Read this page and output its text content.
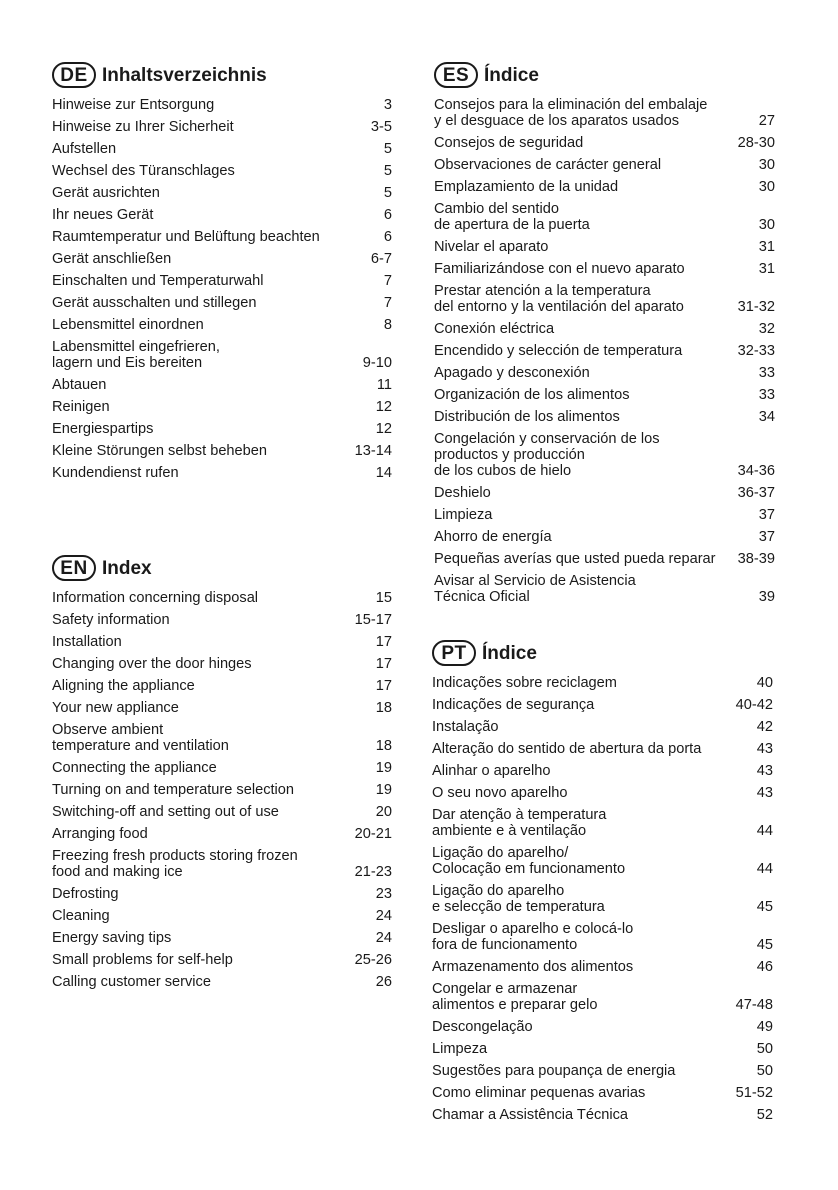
DE Inhaltsverzeichnis
Hinweise zur Entsorgung	3
Hinweise zu Ihrer Sicherheit	3-5
Aufstellen	5
Wechsel des Türanschlages	5
Gerät ausrichten	5
Ihr neues Gerät	6
Raumtemperatur und Belüftung beachten	6
Gerät anschließen	6-7
Einschalten und Temperaturwahl	7
Gerät ausschalten und stillegen	7
Lebensmittel einordnen	8
Labensmittel eingefrieren,
lagern und Eis bereiten	9-10
Abtauen	11
Reinigen	12
Energiespartips	12
Kleine Störungen selbst beheben	13-14
Kundendienst rufen	14
EN Index
Information concerning disposal	15
Safety information	15-17
Installation	17
Changing over the door hinges	17
Aligning the appliance	17
Your new appliance	18
Observe ambient
temperature and ventilation	18
Connecting the appliance	19
Turning on and temperature selection	19
Switching-off and setting out of use	20
Arranging food	20-21
Freezing fresh products storing frozen
food and making ice	21-23
Defrosting	23
Cleaning	24
Energy saving tips	24
Small problems for self-help	25-26
Calling customer service	26
ES Índice
Consejos para la eliminación del embalaje
y el desguace de los aparatos usados	27
Consejos de seguridad	28-30
Observaciones de carácter general	30
Emplazamiento de la unidad	30
Cambio del sentido
de apertura de la puerta	30
Nivelar el aparato	31
Familiarizándose con el nuevo aparato	31
Prestar atención a la temperatura
del entorno y la ventilación del aparato	31-32
Conexión eléctrica	32
Encendido y selección de temperatura	32-33
Apagado y desconexión	33
Organización de los alimentos	33
Distribución de los alimentos	34
Congelación y conservación de los
productos y producción
de los cubos de hielo	34-36
Deshielo	36-37
Limpieza	37
Ahorro de energía	37
Pequeñas averías que usted pueda reparar 38-39
Avisar al Servicio de Asistencia
Técnica Oficial	39
PT Índice
Indicações sobre reciclagem	40
Indicações de segurança	40-42
Instalação	42
Alteração do sentido de abertura da porta	43
Alinhar o aparelho	43
O seu novo aparelho	43
Dar atenção à temperatura
ambiente e à ventilação	44
Ligação do aparelho/
Colocação em funcionamento	44
Ligação do aparelho
e selecção de temperatura	45
Desligar o aparelho e colocá-lo
fora de funcionamento	45
Armazenamento dos alimentos	46
Congelar e armazenar
alimentos e preparar gelo	47-48
Descongelação	49
Limpeza	50
Sugestões para poupança de energia	50
Como eliminar pequenas avarias	51-52
Chamar a Assistência Técnica	52
